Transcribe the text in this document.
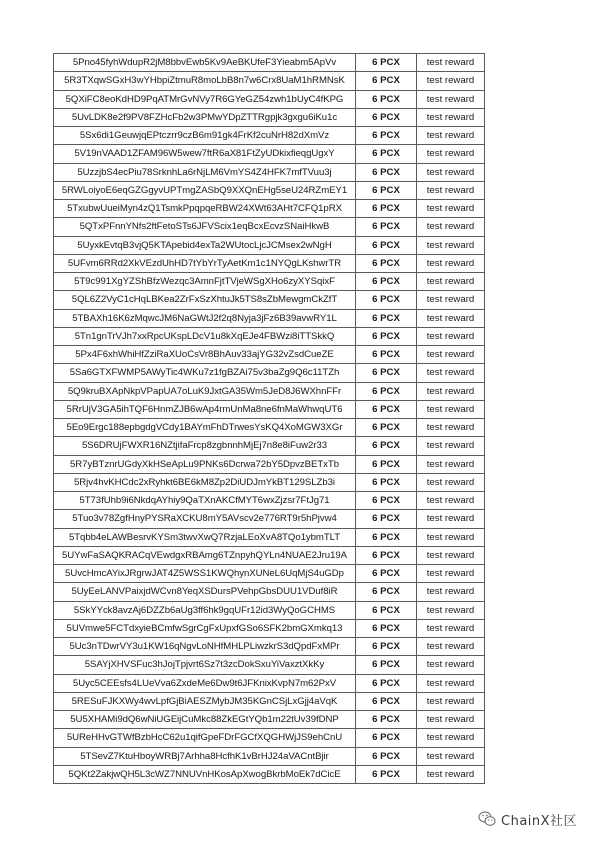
5Pno45fyhWdupR2jM8bbvEwb5Kv9AeBKUfeF3Yieabm5ApVv	6 PCX	test reward
5R3TXqwSGxH3wYHbpiZtmuR8moLbB8n7w6Crx8UaM1hRMNsK	6 PCX	test reward
5QXiFC8eoKdHD9PqATMrGvNVy7R6GYeGZ54zwh1bUyC4fKPG	6 PCX	test reward
5UvLDK8e2f9PV8FZHcFb2w3PMwYDpZTTRgpjk3gxgu6iKu1c	6 PCX	test reward
5Sx6di1GeuwjqEPtczrr9czB6m91gk4FrKf2cuNrH82dXmVz	6 PCX	test reward
5V19nVAAD1ZFAM96W5wew7ftR6aX81FtZyUDkixfieqgUgxY	6 PCX	test reward
5UzzjbS4ecPiu78SrknhLa6rNjLM6VmYS4Z4HFK7mfTVuu3j	6 PCX	test reward
5RWLoiyoE6eqGZGgyvUPTmgZASbQ9XXQnEHg5seU24RZmEY1	6 PCX	test reward
5TxubwUueiMyn4zQ1TsmkPpqpqeRBW24XWt63AHt7CFQ1pRX	6 PCX	test reward
5QTxPFnnYNfs2ftFetoSTs6JFVScix1eqBcxEcvzSNaiHkwB	6 PCX	test reward
5UyxkEvtqB3vjQ5KTApebid4exTa2WUtocLjcJCMsex2wNgH	6 PCX	test reward
5UFvm6RRd2XkVEzdUhHD7tYbYrTyAetKm1c1NYQgLKshwrTR	6 PCX	test reward
5T9c991XgYZShBfzWezqc3AmnFjtTVjeWSgXHo6zyXYSqixF	6 PCX	test reward
5QL6Z2VyC1cHqLBKea2ZrFxSzXhtuJk5TS8sZbMewgmCkZfT	6 PCX	test reward
5TBAXh16K6zMqwcJM6NaGWtJ2f2q8Nyja3jFz6B39avwRY1L	6 PCX	test reward
5Tn1gnTrVJh7xxRpcUKspLDcV1u8kXqEJe4FBWzi8iTTSkkQ	6 PCX	test reward
5Px4F6xhWhiHfZziRaXUoCsVr8BhAuv33ajYG32vZsdCueZE	6 PCX	test reward
5Sa6GTXFWMP5AWyTic4WKu7z1fgBZAi75v3baZg9Q6c11TZh	6 PCX	test reward
5Q9kruBXApNkpVPapUA7oLuK9JxtGA35Wm5JeD8J6WXhnFFr	6 PCX	test reward
5RrUjV3GA5ihTQF6HnmZJB6wAp4rmUnMa8ne6fnMaWhwqUT6	6 PCX	test reward
5Eo9Ergc188epbgdgVCdy1BAYmFhDTrwesYsKQ4XoMGW3XGr	6 PCX	test reward
5S6DRUjFWXR16NZtjifaFrcp8zgbnnhMjEj7n8e8iFuw2r33	6 PCX	test reward
5R7yBTznrUGdyXkHSeApLu9PNKs6Dcrwa72bY5DpvzBETxTb	6 PCX	test reward
5Rjv4hvKHCdc2xRyhkt6BE6kM8Zp2DiUDJmYkBT129SLZb3i	6 PCX	test reward
5T73fUhb9i6NkdqAYhiy9QaTXnAKCfMYT6wxZjzsr7FtJg71	6 PCX	test reward
5Tuo3v78ZgfHnyPYSRaXCKU8mY5AVscv2e776RT9r5hPjvw4	6 PCX	test reward
5Tqbb4eLAWBesrvKYSm3twvXwQ7RzjaLEoXvA8TQo1ybmTLT	6 PCX	test reward
5UYwFaSAQKRACqVEwdgxRBAmg6TZnpyhQYLn4NUAE2Jru19A	6 PCX	test reward
5UvcHmcAYixJRgrwJAT4Z5WSS1KWQhynXUNeL6UqMjS4uGDp	6 PCX	test reward
5UyEeLANVPaixjdWCvn8YeqXSDursPVehpGbsDUU1VDuf8iR	6 PCX	test reward
5SkYYck8avzAj6DZZb6aUg3ff6hk9gqUFr12id3WyQoGCHMS	6 PCX	test reward
5UVmwe5FCTdxyieBCmfwSgrCgFxUpxfGSo6SFK2bmGXmkq13	6 PCX	test reward
5Uc3nTDwrVY3u1KW16qNgvLoNHfMHLPLiwzkrS3dQpdFxMPr	6 PCX	test reward
5SAYjXHVSFuc3hJojTpjvrt6Sz7t3zcDokSxuYiVaxztXkKy	6 PCX	test reward
5Uyc5CEEsfs4LUeVva6ZxdeMe6Dw9t6JFKnixKvpN7m62PxV	6 PCX	test reward
5RESuFJKXWy4wvLpfGjBiAESZMybJM35KGnCSjLxGjj4aVqK	6 PCX	test reward
5U5XHAMi9dQ6wNiUGEijCuMkc88ZkEGtYQb1m22tUv39fDNP	6 PCX	test reward
5UReHHvGTWfBzbHcC62u1qifGpeFDrFGCfXQGHWjJS9ehCnU	6 PCX	test reward
5TSevZ7KtuHboyWRBj7Arhha8HcfhK1vBrHJ24aVACntBjir	6 PCX	test reward
5QKt2ZakjwQH5L3cWZ7NNUVnHKosApXwogBkrbMoEk7dCicE	6 PCX	test reward
ChainX社区
